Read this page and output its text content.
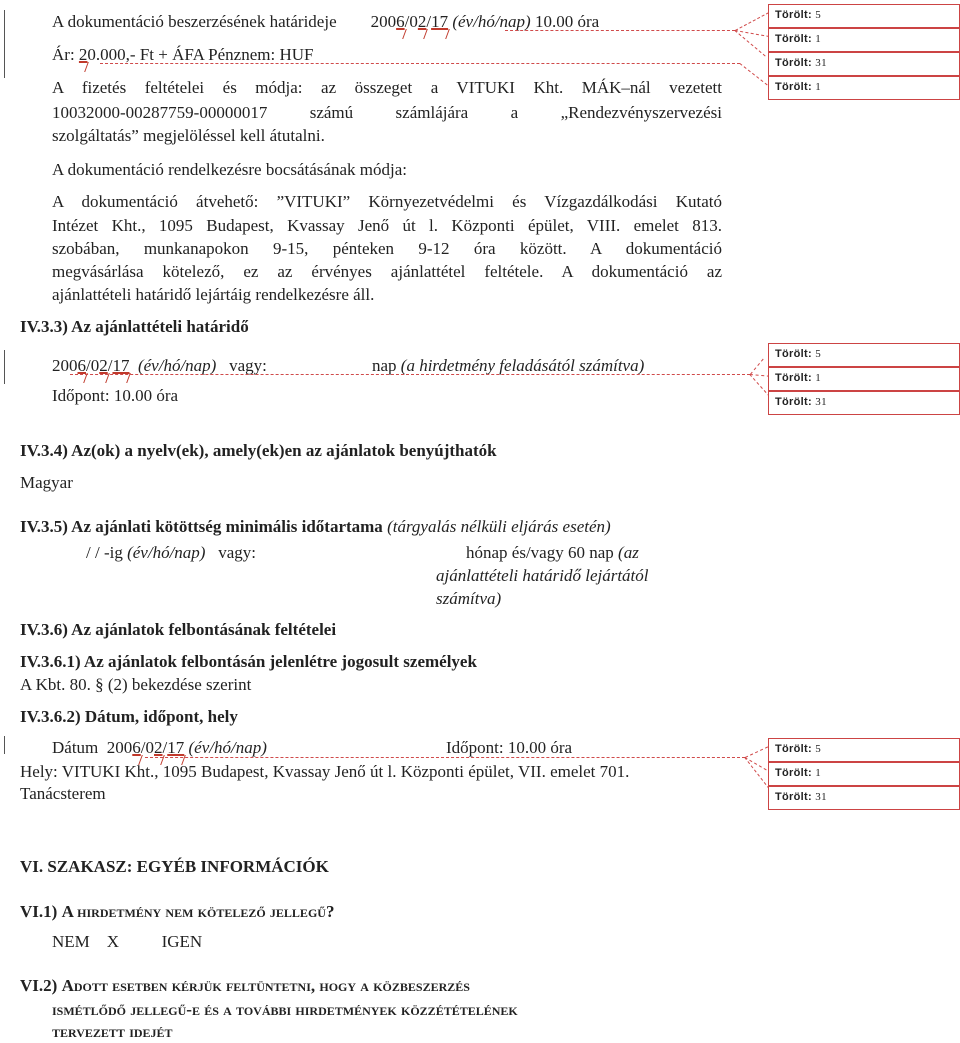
A dokumentáció beszerzésének határideje 2006/02/17 (év/hó/nap) 10.00 óra
Ár: 20.000,- Ft + ÁFA Pénznem: HUF
A fizetés feltételei és módja: az összeget a VITUKI Kht. MÁK–nál vezetett
10032000-00287759-00000017 számú számlájára a „Rendezvényszervezési
szolgáltatás” megjelöléssel kell átutalni.
A dokumentáció rendelkezésre bocsátásának módja:
A dokumentáció átvehető: ”VITUKI” Környezetvédelmi és Vízgazdálkodási Kutató
Intézet Kht., 1095 Budapest, Kvassay Jenő út l. Központi épület, VIII. emelet 813.
szobában, munkanapokon 9-15, pénteken 9-12 óra között. A dokumentáció
megvásárlása kötelező, ez az érvényes ajánlattétel feltétele. A dokumentáció az
ajánlattételi határidő lejártáig rendelkezésre áll.
IV.3.3) Az ajánlattételi határidő
2006/02/17 (év/hó/nap) vagy:	nap (a hirdetmény feladásától számítva)
Időpont: 10.00 óra
IV.3.4) Az(ok) a nyelv(ek), amely(ek)en az ajánlatok benyújthatók
Magyar
IV.3.5) Az ajánlati kötöttség minimális időtartama (tárgyalás nélküli eljárás esetén)
/ / -ig (év/hó/nap) vagy:	hónap és/vagy 60 nap (az
ajánlattételi határidő lejártától
számítva)
IV.3.6) Az ajánlatok felbontásának feltételei
IV.3.6.1) Az ajánlatok felbontásán jelenlétre jogosult személyek
A Kbt. 80. § (2) bekezdése szerint
IV.3.6.2) Dátum, időpont, hely
Dátum 2006/02/17 (év/hó/nap)	Időpont: 10.00 óra
Hely: VITUKI Kht., 1095 Budapest, Kvassay Jenő út l. Központi épület, VII. emelet 701.
Tanácsterem
VI. SZAKASZ: EGYÉB INFORMÁCIÓK
VI.1) A hirdetmény nem kötelező jellegű?
NEM X	IGEN
VI.2) Adott esetben kérjük feltüntetni, hogy a közbeszerzés
ismétlődő jellegű-e és a további hirdetmények közzétételének
tervezett idejét
Törölt: 5
Törölt: 1
Törölt: 31
Törölt: 1
Törölt: 5
Törölt: 1
Törölt: 31
Törölt: 5
Törölt: 1
Törölt: 31
